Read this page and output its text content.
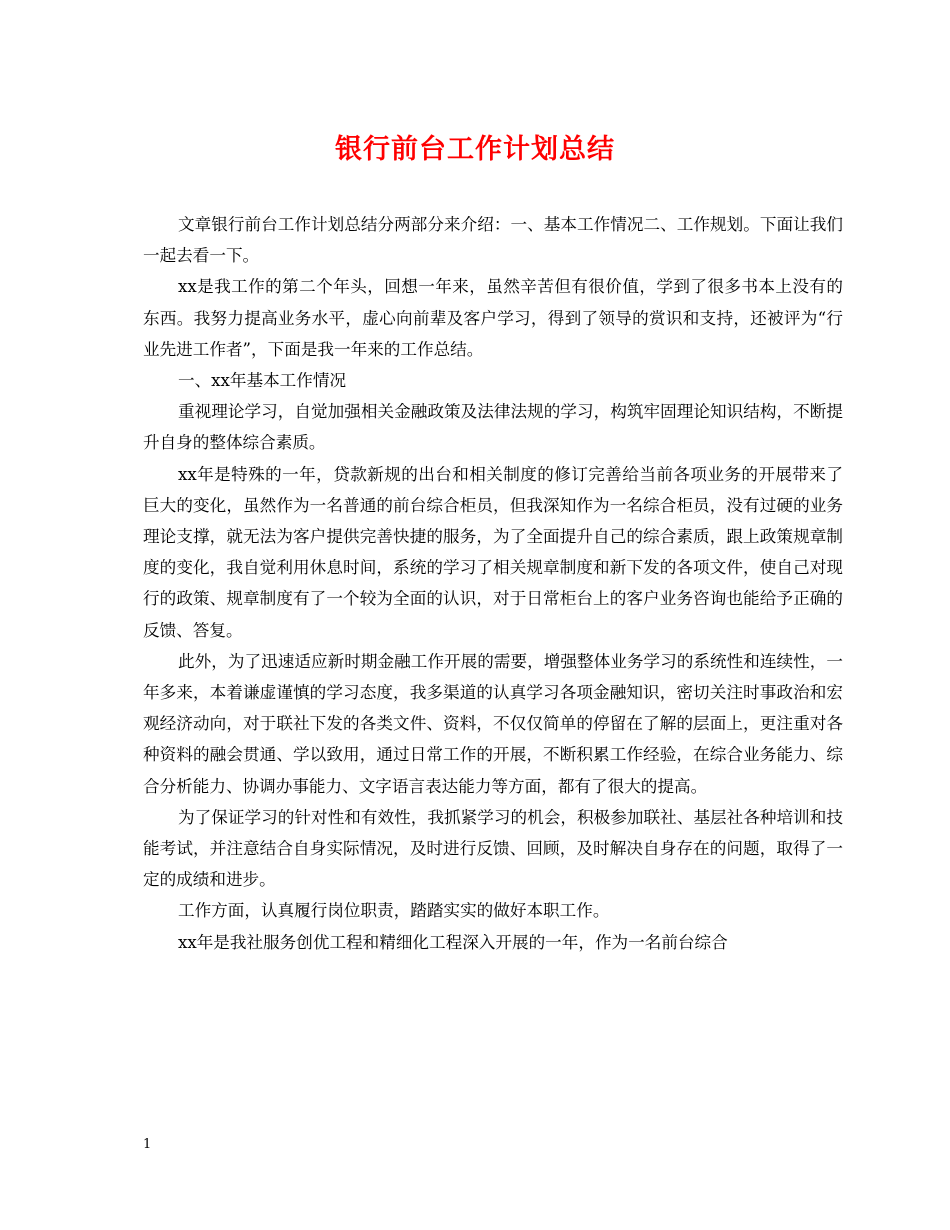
银行前台工作计划总结

文章银行前台工作计划总结分两部分来介绍：一、基本工作情况二、工作规划。下面让我们一起去看一下。

xx是我工作的第二个年头，回想一年来，虽然辛苦但有很价值，学到了很多书本上没有的东西。我努力提高业务水平，虚心向前辈及客户学习，得到了领导的赏识和支持，还被评为“行业先进工作者”，下面是我一年来的工作总结。

一、xx年基本工作情况

重视理论学习，自觉加强相关金融政策及法律法规的学习，构筑牢固理论知识结构，不断提升自身的整体综合素质。

xx年是特殊的一年，贷款新规的出台和相关制度的修订完善给当前各项业务的开展带来了巨大的变化，虽然作为一名普通的前台综合柜员，但我深知作为一名综合柜员，没有过硬的业务理论支撑，就无法为客户提供完善快捷的服务，为了全面提升自己的综合素质，跟上政策规章制度的变化，我自觉利用休息时间，系统的学习了相关规章制度和新下发的各项文件，使自己对现行的政策、规章制度有了一个较为全面的认识，对于日常柜台上的客户业务咨询也能给予正确的反馈、答复。

此外，为了迅速适应新时期金融工作开展的需要，增强整体业务学习的系统性和连续性，一年多来，本着谦虚谨慎的学习态度，我多渠道的认真学习各项金融知识，密切关注时事政治和宏观经济动向，对于联社下发的各类文件、资料，不仅仅简单的停留在了解的层面上，更注重对各种资料的融会贯通、学以致用，通过日常工作的开展，不断积累工作经验，在综合业务能力、综合分析能力、协调办事能力、文字语言表达能力等方面，都有了很大的提高。

为了保证学习的针对性和有效性，我抓紧学习的机会，积极参加联社、基层社各种培训和技能考试，并注意结合自身实际情况，及时进行反馈、回顾，及时解决自身存在的问题，取得了一定的成绩和进步。

工作方面，认真履行岗位职责，踏踏实实的做好本职工作。

xx年是我社服务创优工程和精细化工程深入开展的一年，作为一名前台综合

1
